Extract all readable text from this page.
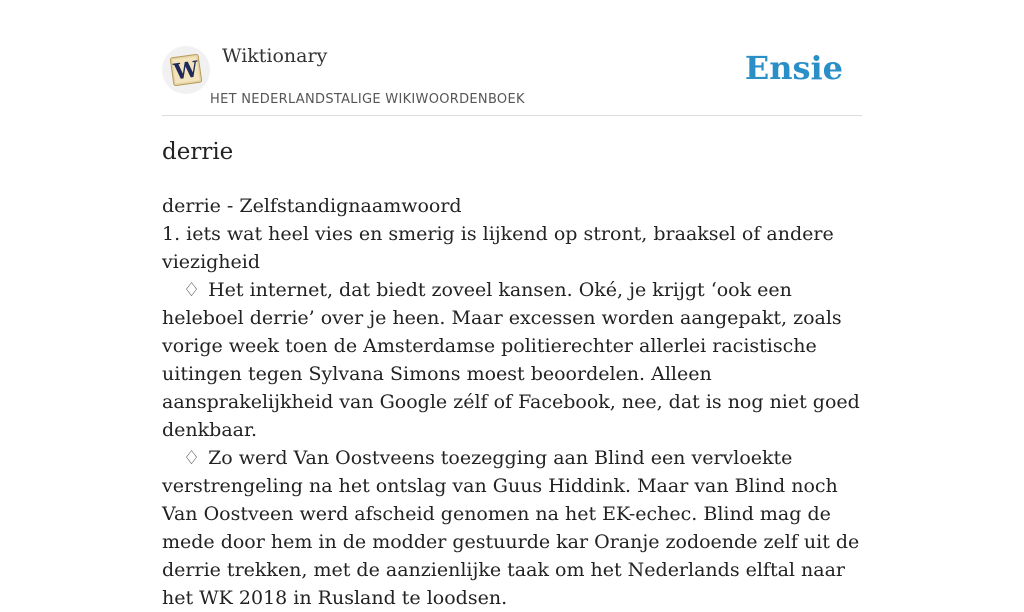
W
Wiktionary
HET NEDERLANDSTALIGE WIKIWOORDENBOEK
Ensie
derrie

derrie - Zelfstandignaamwoord

1. iets wat heel vies en smerig is lijkend op stront, braaksel of andere viezigheid

♢ Het internet, dat biedt zoveel kansen. Oké, je krijgt ‘ook een heleboel derrie’ over je heen. Maar excessen worden aangepakt, zoals vorige week toen de Amsterdamse politierechter allerlei racistische uitingen tegen Sylvana Simons moest beoordelen. Alleen aansprakelijkheid van Google zélf of Facebook, nee, dat is nog niet goed denkbaar.

♢ Zo werd Van Oostveens toezegging aan Blind een vervloekte verstrengeling na het ontslag van Guus Hiddink. Maar van Blind noch Van Oostveen werd afscheid genomen na het EK-echec. Blind mag de mede door hem in de modder gestuurde kar Oranje zodoende zelf uit de derrie trekken, met de aanzienlijke taak om het Nederlands elftal naar het WK 2018 in Rusland te loodsen.
